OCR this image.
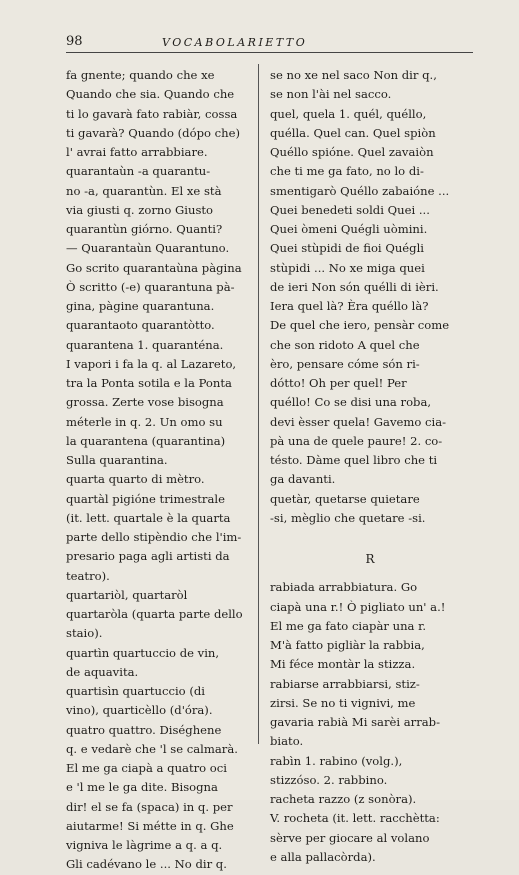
98	VOCABOLARIETTO
fa gnente; quando che xe
Quando che sia. Quando che
ti lo gavarà fato rabiàr, cossa
ti gavarà? Quando (dópo che)
l' avrai fatto arrabbiare.
quarantaùn -a quarantu-
no -a, quarantùn. El xe stà
via giusti q. zorno Giusto
quarantùn giórno. Quanti?
— Quarantaùn Quarantuno.
Go scrito quarantaùna pàgina
Ò scritto (-e) quarantuna pà-
gina, pàgine quarantuna.
quarantaoto quarantòtto.
quarantena 1. quaranténa.
I vapori i fa la q. al Lazareto,
tra la Ponta sotila e la Ponta
grossa. Zerte vose bisogna
méterle in q. 2. Un omo su
la quarantena (quarantina)
Sulla quarantina.
quarta quarto di mètro.
quartàl pigióne trimestrale
(it. lett. quartale è la quarta
parte dello stipèndio che l'im-
presario paga agli artisti da
teatro).
quartariòl, quartaròl
quartaròla (quarta parte dello
staio).
quartìn quartuccio de vin,
de aquavita.
quartisìn quartuccio (di
vino), quarticèllo (d'óra).
quatro quattro. Diséghene
q. e vedarè che 'l se calmarà.
El me ga ciapà a quatro oci
e 'l me le ga dite. Bisogna
dir! el se fa (spaca) in q. per
aiutarme! Si métte in q. Ghe
vigniva le làgrime a q. a q.
Gli cadévano le ... No dir q.
se no xe nel saco Non dir q.,
se non l'ài nel sacco.
quel, quela 1. quél, quéllo,
quélla. Quel can. Quel spiòn
Quéllo spióne. Quel zavaiòn
che ti me ga fato, no lo di-
smentigarò Quéllo zabaióne ...
Quei benedeti soldi Quei ...
Quei òmeni Quégli uòmini.
Quei stùpidi de fioi Quégli
stùpidi ... No xe miga quei
de ieri Non són quélli di ièri.
Iera quel là? Èra quéllo là?
De quel che iero, pensàr come
che son ridoto A quel che
èro, pensare cóme són ri-
dótto! Oh per quel! Per
quéllo! Co se disi una roba,
devi èsser quela! Gavemo cia-
pà una de quele paure! 2. co-
tésto. Dàme quel libro che ti
ga davanti.
quetàr, quetarse quietare
-si, mèglio che quetare -si.
R
rabiada arrabbiatura. Go
ciapà una r.! Ò pigliato un' a.!
El me ga fato ciapàr una r.
M'à fatto pigliàr la rabbia,
Mi féce montàr la stizza.
rabiarse arrabbiarsi, stiz-
zirsi. Se no ti vignivi, me
gavaria rabià Mi sarèi arrab-
biato.
rabìn 1. rabino (volg.),
stizzóso. 2. rabbino.
racheta razzo (z sonòra).
V. rocheta (it. lett. racchètta:
sèrve per giocare al volano
e alla pallacòrda).
